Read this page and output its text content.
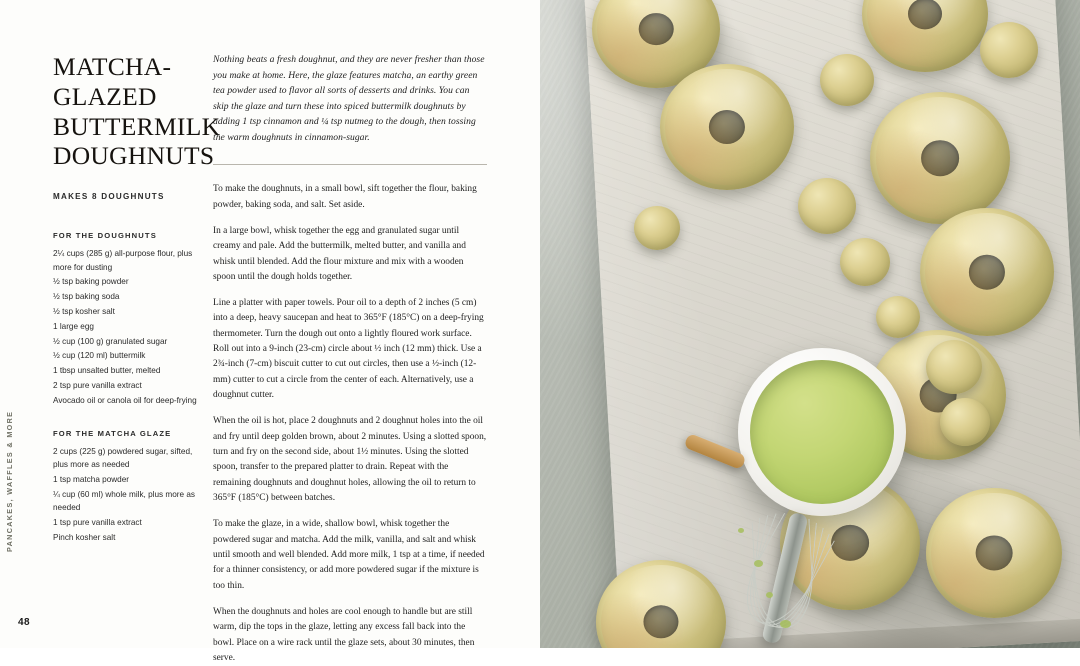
PANCAKES, WAFFLES & MORE
48
MATCHA-GLAZED BUTTERMILK DOUGHNUTS
MAKES 8 DOUGHNUTS
FOR THE DOUGHNUTS
2¼ cups (285 g) all-purpose flour, plus more for dusting
½ tsp baking powder
½ tsp baking soda
½ tsp kosher salt
1 large egg
½ cup (100 g) granulated sugar
½ cup (120 ml) buttermilk
1 tbsp unsalted butter, melted
2 tsp pure vanilla extract
Avocado oil or canola oil for deep-frying
FOR THE MATCHA GLAZE
2 cups (225 g) powdered sugar, sifted, plus more as needed
1 tsp matcha powder
¼ cup (60 ml) whole milk, plus more as needed
1 tsp pure vanilla extract
Pinch kosher salt

Nothing beats a fresh doughnut, and they are never fresher than those you make at home. Here, the glaze features matcha, an earthy green tea powder used to flavor all sorts of desserts and drinks. You can skip the glaze and turn these into spiced buttermilk doughnuts by adding 1 tsp cinnamon and ¼ tsp nutmeg to the dough, then tossing the warm doughnuts in cinnamon-sugar.

To make the doughnuts, in a small bowl, sift together the flour, baking powder, baking soda, and salt. Set aside.

In a large bowl, whisk together the egg and granulated sugar until creamy and pale. Add the buttermilk, melted butter, and vanilla and whisk until blended. Add the flour mixture and mix with a wooden spoon until the dough holds together.

Line a platter with paper towels. Pour oil to a depth of 2 inches (5 cm) into a deep, heavy saucepan and heat to 365°F (185°C) on a deep-frying thermometer. Turn the dough out onto a lightly floured work surface. Roll out into a 9-inch (23-cm) circle about ½ inch (12 mm) thick. Use a 2¾-inch (7-cm) biscuit cutter to cut out circles, then use a ½-inch (12-mm) cutter to cut a circle from the center of each. Alternatively, use a doughnut cutter.

When the oil is hot, place 2 doughnuts and 2 doughnut holes into the oil and fry until deep golden brown, about 2 minutes. Using a slotted spoon, turn and fry on the second side, about 1½ minutes. Using the slotted spoon, transfer to the prepared platter to drain. Repeat with the remaining doughnuts and doughnut holes, allowing the oil to return to 365°F (185°C) between batches.

To make the glaze, in a wide, shallow bowl, whisk together the powdered sugar and matcha. Add the milk, vanilla, and salt and whisk until smooth and well blended. Add more milk, 1 tsp at a time, if needed for a thinner consistency, or add more powdered sugar if the mixture is too thin.

When the doughnuts and holes are cool enough to handle but are still warm, dip the tops in the glaze, letting any excess fall back into the bowl. Place on a wire rack until the glaze sets, about 30 minutes, then serve.
